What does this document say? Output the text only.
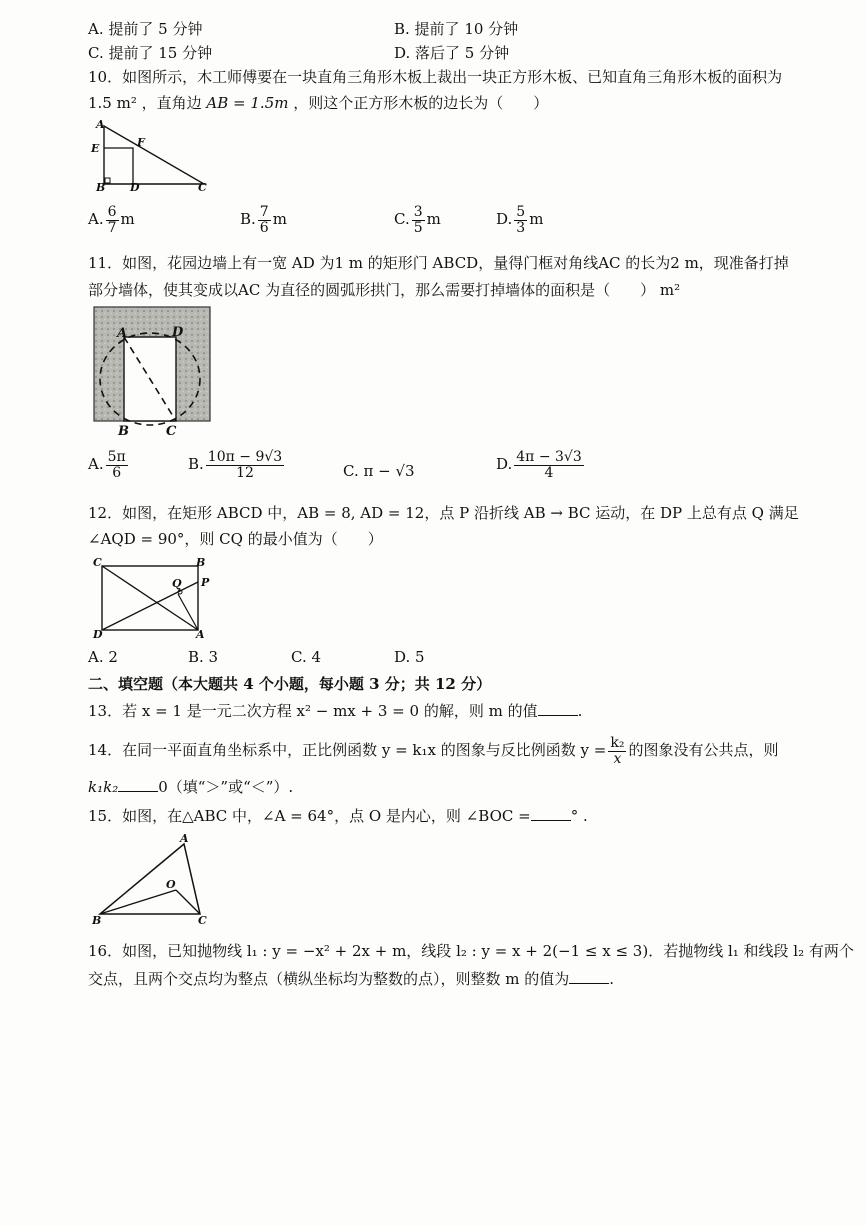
A. 提前了 5 分钟	B. 提前了 10 分钟
C. 提前了 15 分钟	D. 落后了 5 分钟
10．如图所示，木工师傅要在一块直角三角形木板上裁出一块正方形木板、已知直角三角形木板的面积为
1.5 m² ，直角边 AB = 1.5m ，则这个正方形木板的边长为（　　）
A
E	F
B D	C
A. $\frac{6}{7}$ m	B. $\frac{7}{6}$ m	C. $\frac{3}{5}$ m	D. $\frac{5}{3}$ m
11．如图，花园边墙上有一宽 AD 为1 m 的矩形门 ABCD，量得门框对角线AC 的长为2 m，现准备打掉
部分墙体，使其变成以AC 为直径的圆弧形拱门，那么需要打掉墙体的面积是（　　） m²
A	D
B	C
A. $\frac{5\pi}{6}$	B. $\frac{10\pi - 9√3}{12}$	C. π − √3	D. $\frac{4\pi - 3√3}{4}$
12．如图，在矩形 ABCD 中，AB = 8, AD = 12，点 P 沿折线 AB → BC 运动，在 DP 上总有点 Q 满足
∠AQD = 90°，则 CQ 的最小值为（　　）
C	B
Q P
D	A
A. 2	B. 3	C. 4	D. 5
二、填空题（本大题共 4 个小题，每小题 3 分；共 12 分）
13．若 x = 1 是一元二次方程 x² − mx + 3 = 0 的解，则 m 的值	.
14．在同一平面直角坐标系中，正比例函数 y = k₁x 的图象与反比例函数 $y = \frac{\text{k₂}}{x}$ 的图象没有公共点，则
k₁k₂	0（填“＞”或“＜”）.
15．如图，在△ABC 中，∠A = 64°，点 O 是内心，则 ∠BOC =	° .
A
O
B	C
16．如图，已知抛物线 l₁ : y = −x² + 2x + m，线段 l₂ : y = x + 2(−1 ≤ x ≤ 3)．若抛物线 l₁ 和线段 l₂ 有两个
交点，且两个交点均为整点（横纵坐标均为整数的点），则整数 m 的值为	.
